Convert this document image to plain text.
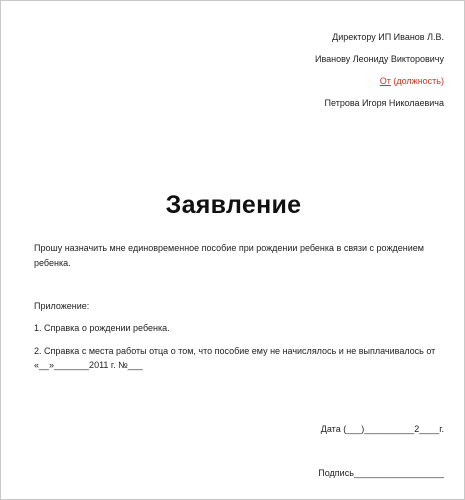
Директору ИП Иванов Л.В.
Иванову Леониду Викторовичу
От (должность)
Петрова Игоря Николаевича
Заявление
Прошу назначить мне единовременное пособие при рождении ребенка в связи с рождением ребенка.
Приложение:
1. Справка о рождении ребенка.
2. Справка с места работы отца о том, что пособие ему не начислялось и не выплачивалось от
«__»_______2011 г. №___
Дата (___)__________2____г.
Подпись__________________
